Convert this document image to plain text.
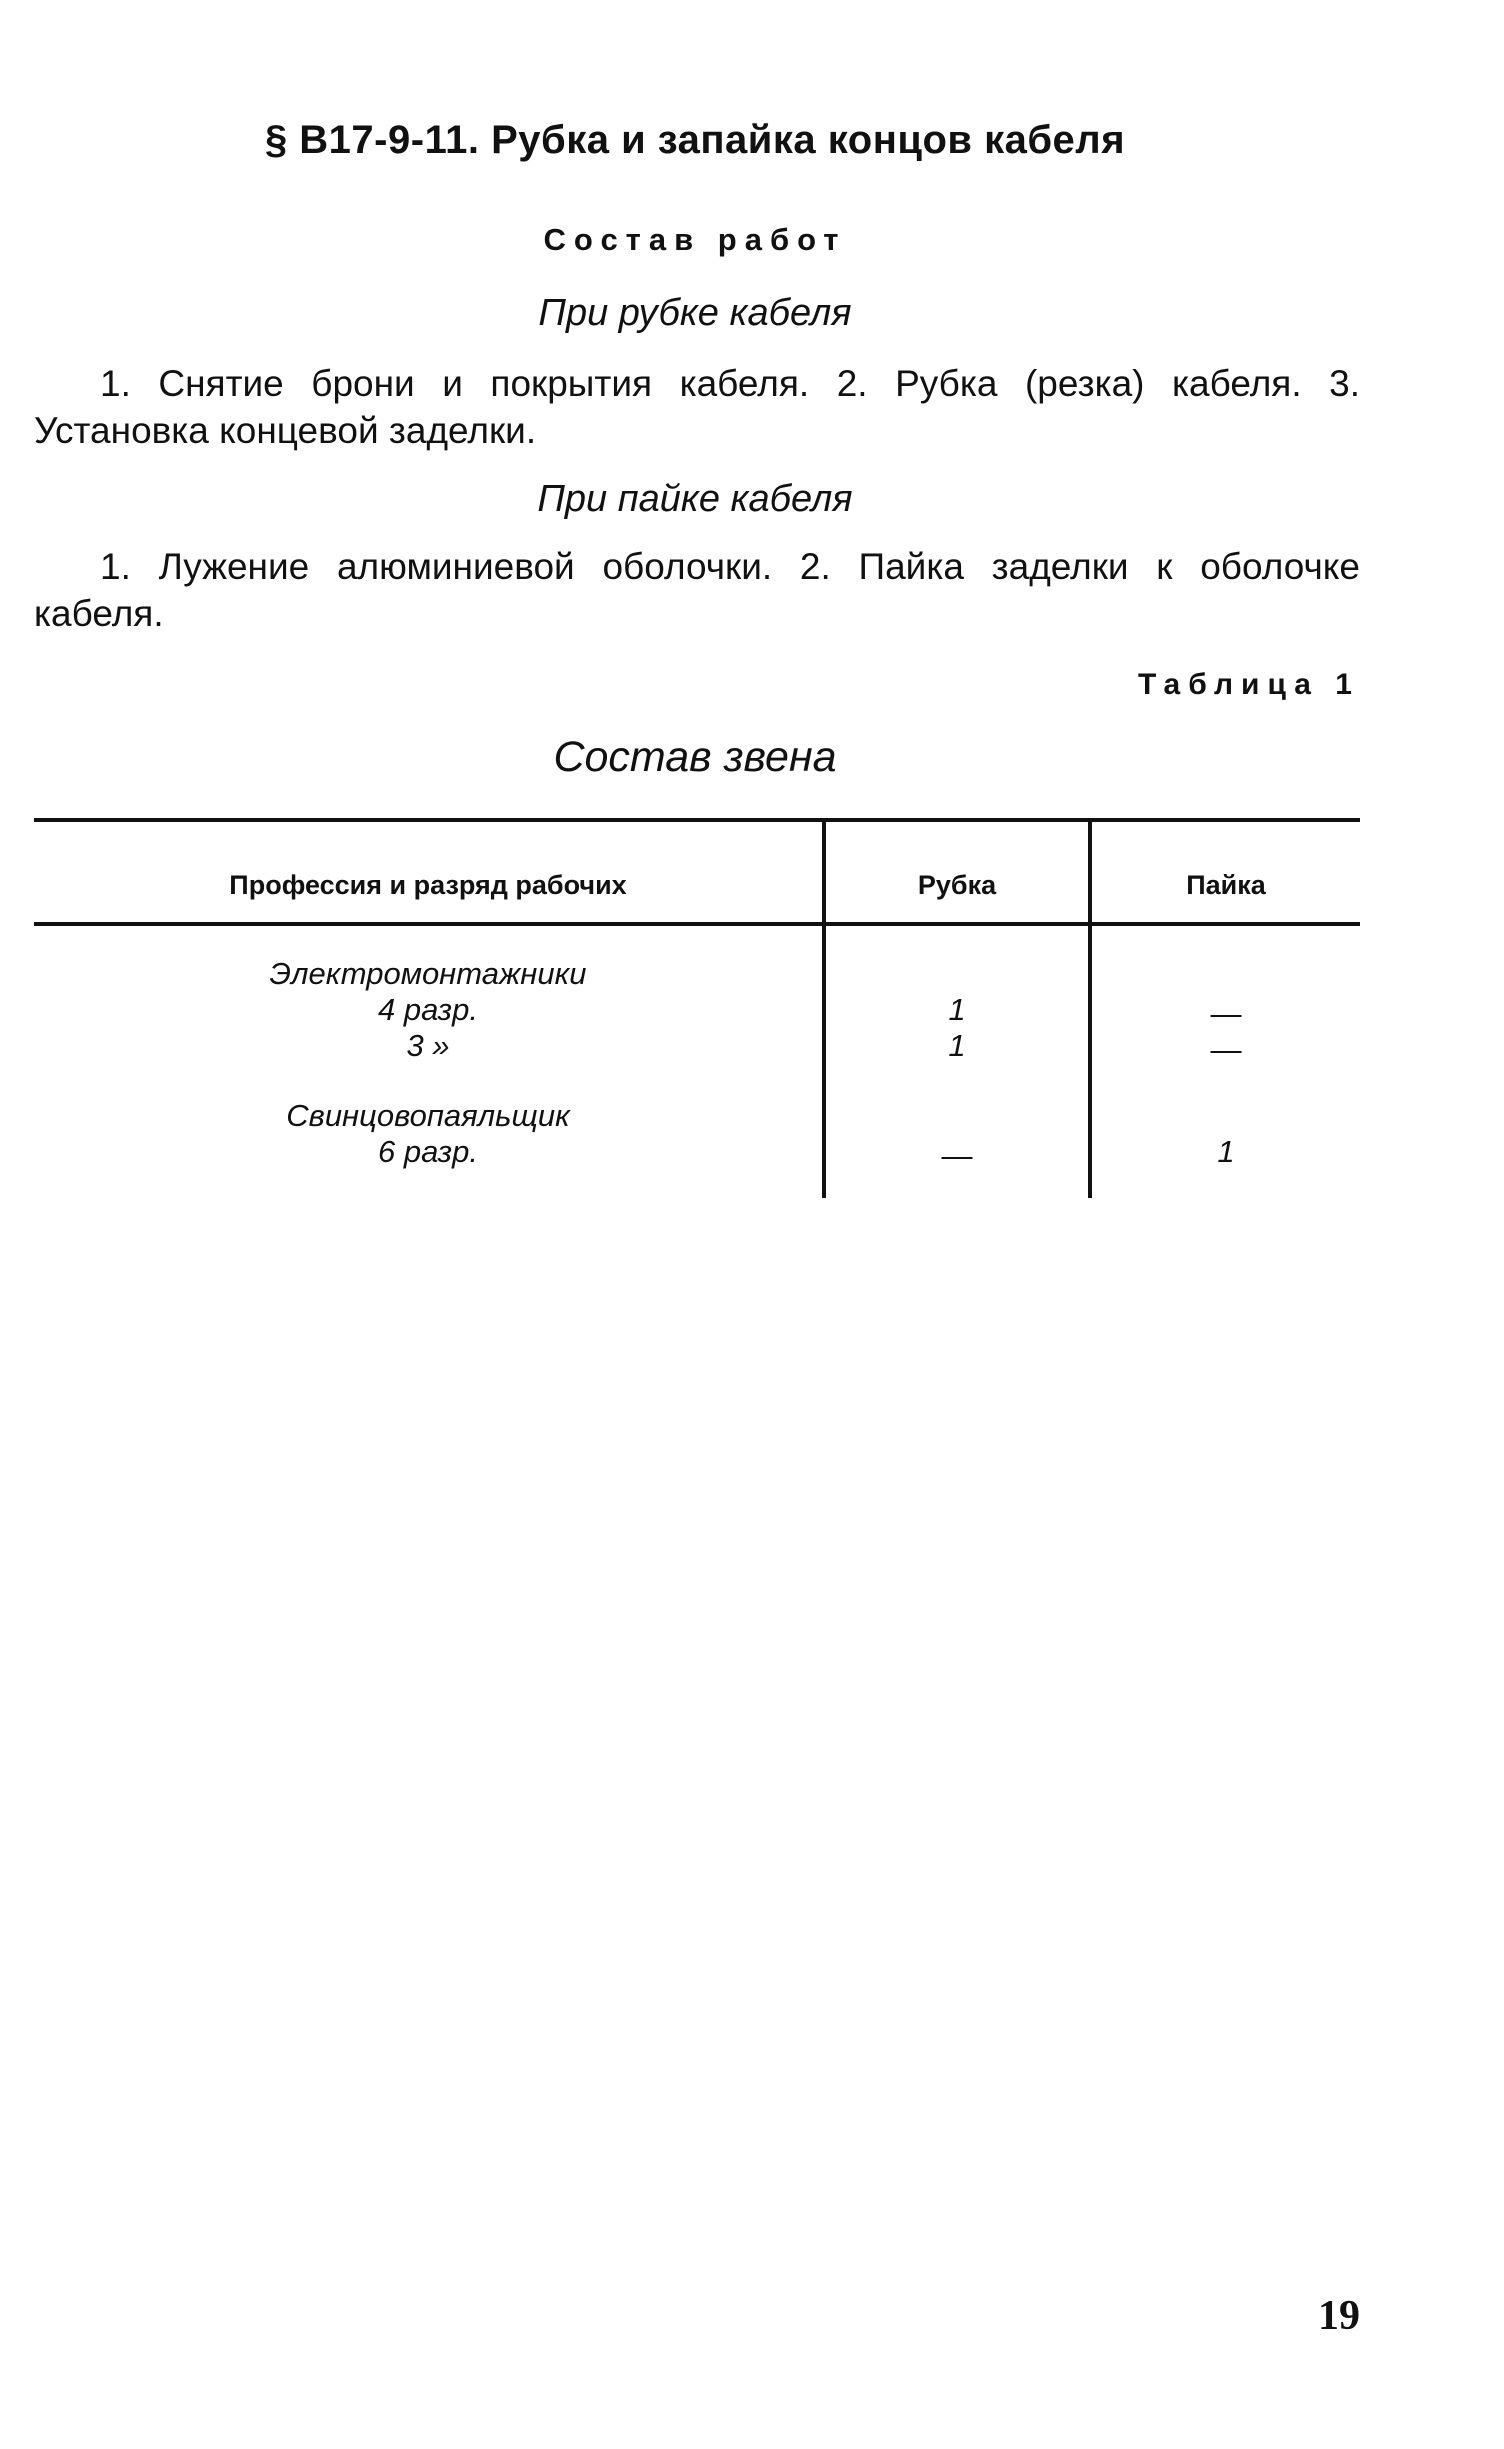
§ В17-9-11. Рубка и запайка концов кабеля
Состав работ
При рубке кабеля
1. Снятие брони и покрытия кабеля. 2. Рубка (резка) кабеля. 3. Установка концевой заделки.
При пайке кабеля
1. Лужение алюминиевой оболочки. 2. Пайка заделки к оболочке кабеля.
Таблица 1
Состав звена
Профессия и разряд рабочих	Рубка	Пайка
Электромонтажники
4 разр.	1	—
3 »	1	—
Свинцовопаяльщик
6 разр.	—	1
19
